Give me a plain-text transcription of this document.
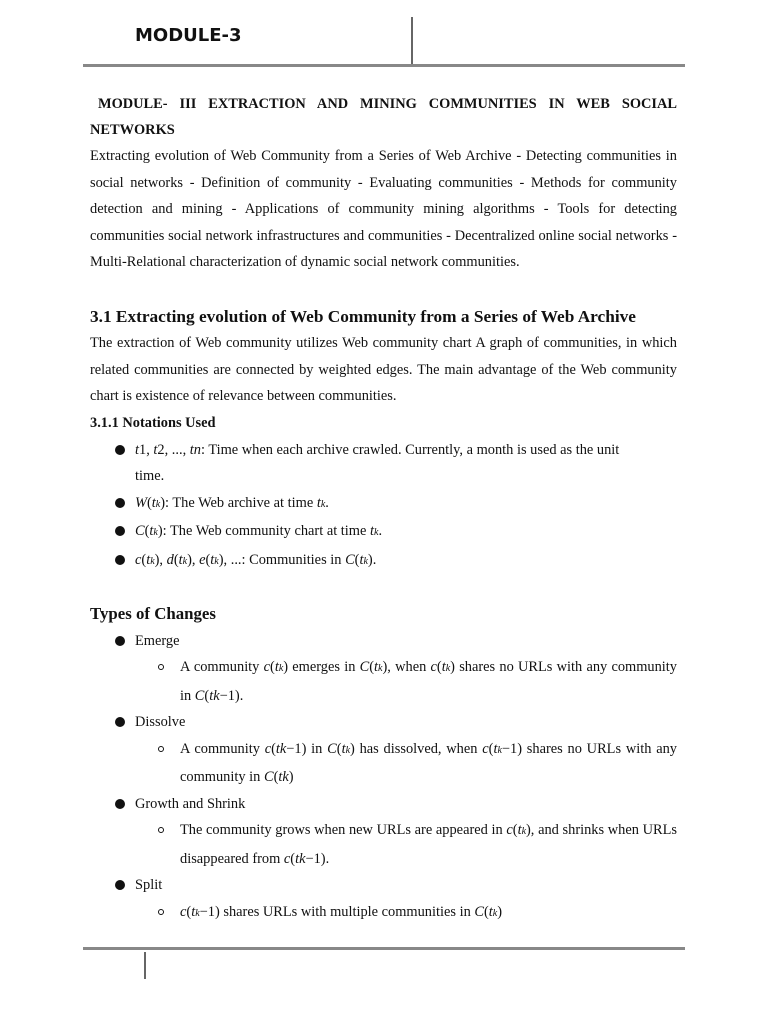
MODULE-3

MODULE- III EXTRACTION AND MINING COMMUNITIES IN WEB SOCIAL NETWORKS

Extracting evolution of Web Community from a Series of Web Archive - Detecting communities in social networks - Definition of community - Evaluating communities - Methods for community detection and mining - Applications of community mining algorithms - Tools for detecting communities social network infrastructures and communities - Decentralized online social networks - Multi-Relational characterization of dynamic social network communities.

3.1 Extracting evolution of Web Community from a Series of Web Archive

The extraction of Web community utilizes Web community chart A graph of communities, in which related communities are connected by weighted edges. The main advantage of the Web community chart is existence of relevance between communities.

3.1.1 Notations Used
t1, t2, ..., tn: Time when each archive crawled. Currently, a month is used as the unit time.
W(tk): The Web archive at time tk.
C(tk): The Web community chart at time tk.
c(tk), d(tk), e(tk), ...: Communities in C(tk).
Types of Changes
Emerge
A community c(tk) emerges in C(tk), when c(tk) shares no URLs with any community in C(tk−1).
Dissolve
A community c(tk−1) in C(tk) has dissolved, when c(tk−1) shares no URLs with any community in C(tk)
Growth and Shrink
The community grows when new URLs are appeared in c(tk), and shrinks when URLs disappeared from c(tk−1).
Split
c(tk−1) shares URLs with multiple communities in C(tk)
